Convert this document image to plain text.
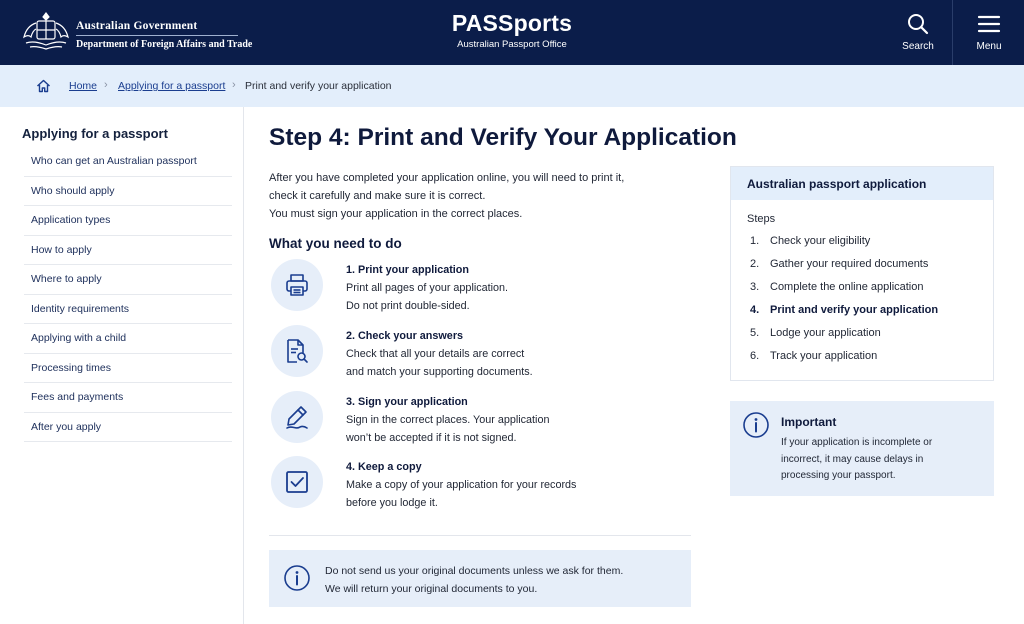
Australian Government
Department of Foreign Affairs and Trade
PASSports
Australian Passport Office	Search	Menu
Home › Applying for a passport › Print and verify your application
Applying for a passport
Who can get an Australian passport
Who should apply
Application types
How to apply
Where to apply
Identity requirements
Applying with a child
Processing times
Fees and payments
After you apply
Step 4: Print and Verify Your Application

After you have completed your application online, you will need to print it,

check it carefully and make sure it is correct.

You must sign your application in the correct places.

What you need to do
1. Print your application
Print all pages of your application.
Do not print double-sided.
2. Check your answers
Check that all your details are correct
and match your supporting documents.
3. Sign your application
Sign in the correct places. Your application
won’t be accepted if it is not signed.
4. Keep a copy
Make a copy of your application for your records
before you lodge it.
Do not send us your original documents unless we ask for them.
We will return your original documents to you.
Australian passport application
Steps
1. Check your eligibility
2. Gather your required documents
3. Complete the online application
4. Print and verify your application
5. Lodge your application
6. Track your application
Important
If your application is incomplete or
incorrect, it may cause delays in
processing your passport.
